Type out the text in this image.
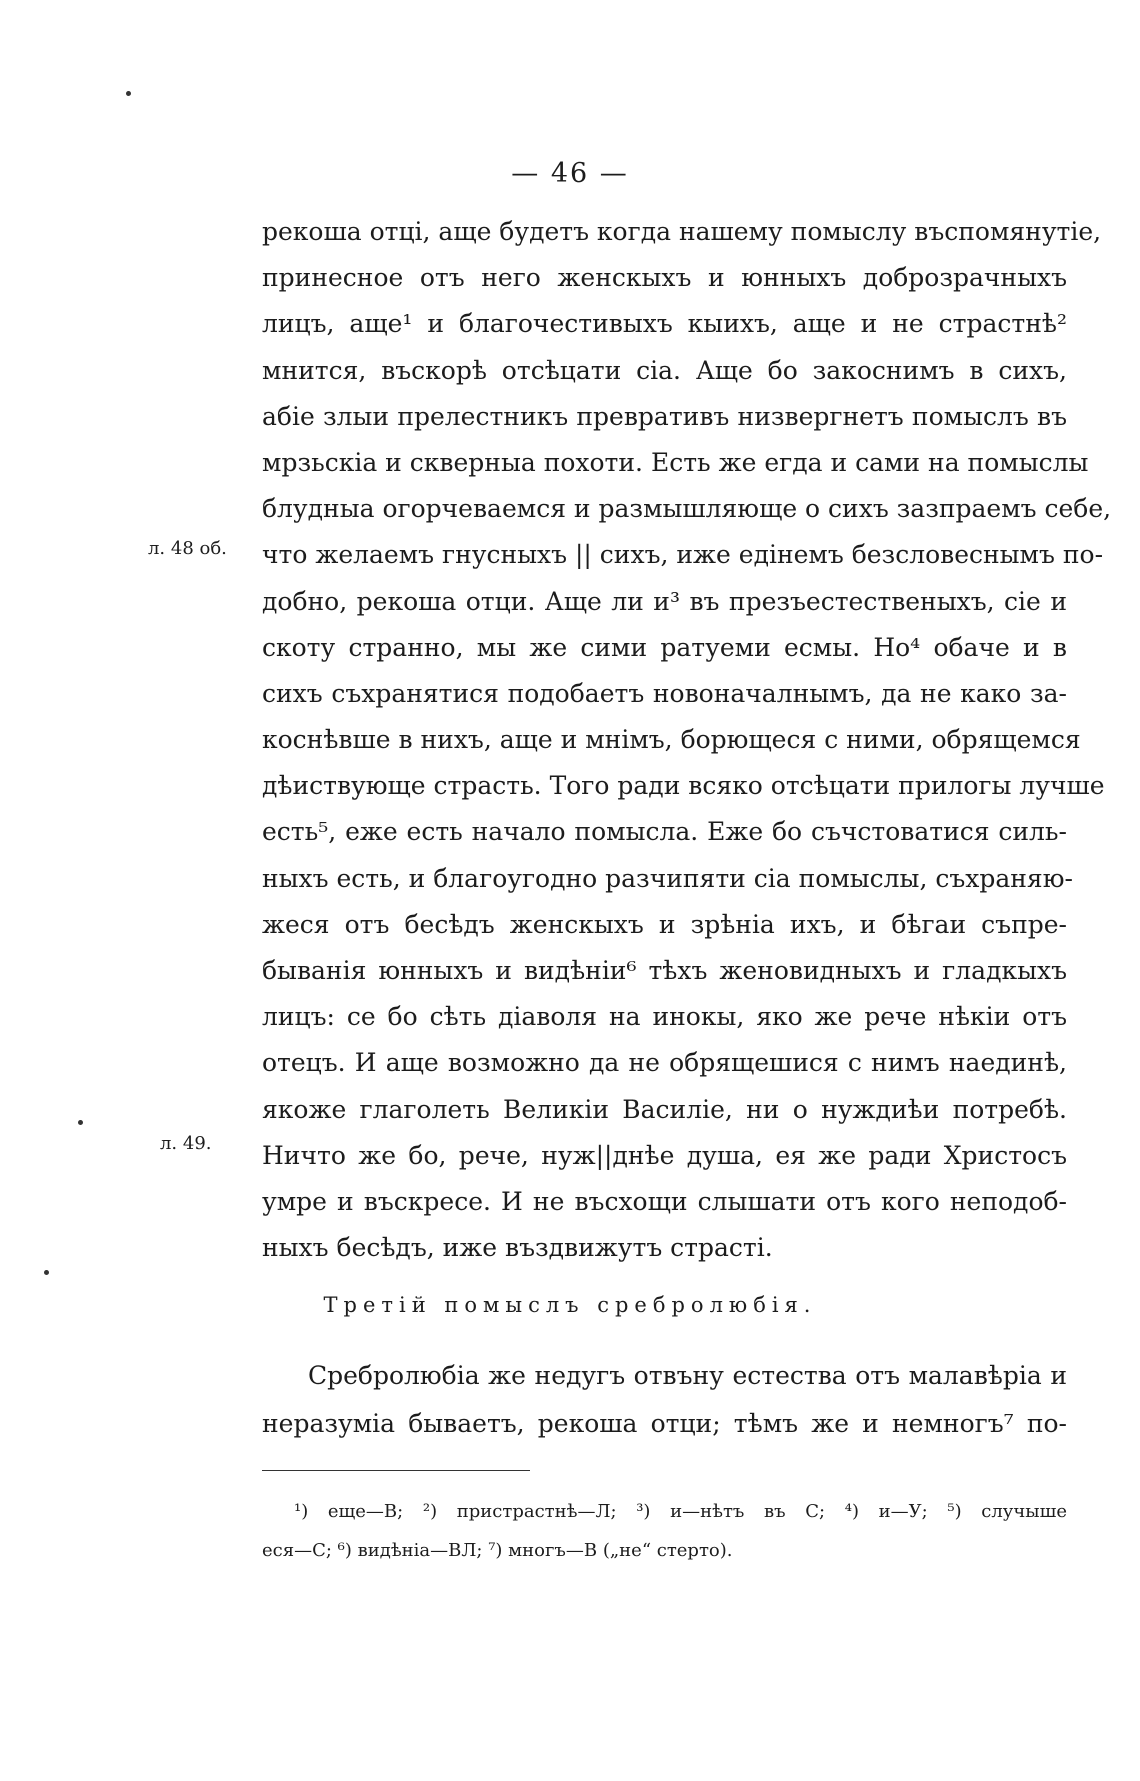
— 46 —
л. 48 об.
л. 49.
рекоша отці, аще будетъ когда нашему помыслу въспомянутіе,
принесное отъ него женскыхъ и юнныхъ доброзрачныхъ
лицъ, аще¹ и благочестивыхъ кыихъ, аще и не страстнѣ²
мнится, въскорѣ отсѣцати сіа. Аще бо закоснимъ в сихъ,
абіе злыи прелестникъ превративъ низвергнетъ помыслъ въ
мрзьскіа и скверныа похоти. Есть же егда и сами на помыслы
блудныа огорчеваемся и размышляюще о сихъ зазпраемъ себе,
что желаемъ гнусныхъ || сихъ, иже едінемъ безсловеснымъ по-
добно, рекоша отци. Аще ли и³ въ презъестественыхъ, сіе и
скоту странно, мы же сими ратуеми есмы. Но⁴ обаче и в
сихъ съхранятися подобаетъ новоначалнымъ, да не како за-
коснѣвше в нихъ, аще и мнімъ, борющеся с ними, обрящемся
дѣиствующе страсть. Того ради всяко отсѣцати прилогы лучше
есть⁵, еже есть начало помысла. Еже бо съчстоватися силь-
ныхъ есть, и благоугодно разчипяти сіа помыслы, съхраняю-
жеся отъ бесѣдъ женскыхъ и зрѣніа ихъ, и бѣгаи съпре-
быванія юнныхъ и видѣніи⁶ тѣхъ женовидныхъ и гладкыхъ
лицъ: се бо сѣть діаволя на инокы, яко же рече нѣкіи отъ
отецъ. И аще возможно да не обрящешися с нимъ наединѣ,
якоже глаголеть Великіи Василіе, ни о нуждиѣи потребѣ.
Ничто же бо, рече, нуж||днѣе душа, ея же ради Христосъ
умре и въскресе. И не въсхощи слышати отъ кого неподоб-
ныхъ бесѣдъ, иже въздвижутъ страсті.
Третій помыслъ сребролюбія.
Сребролюбіа же недугъ отвъну естества отъ малавѣріа и
неразуміа бываетъ, рекоша отци; тѣмъ же и немногъ⁷ по-
¹) еще—В; ²) пристрастнѣ—Л; ³) и—нѣтъ въ С; ⁴) и—У; ⁵) случыше
еся—С; ⁶) видѣніа—ВЛ; ⁷) многъ—В („не“ стерто).
